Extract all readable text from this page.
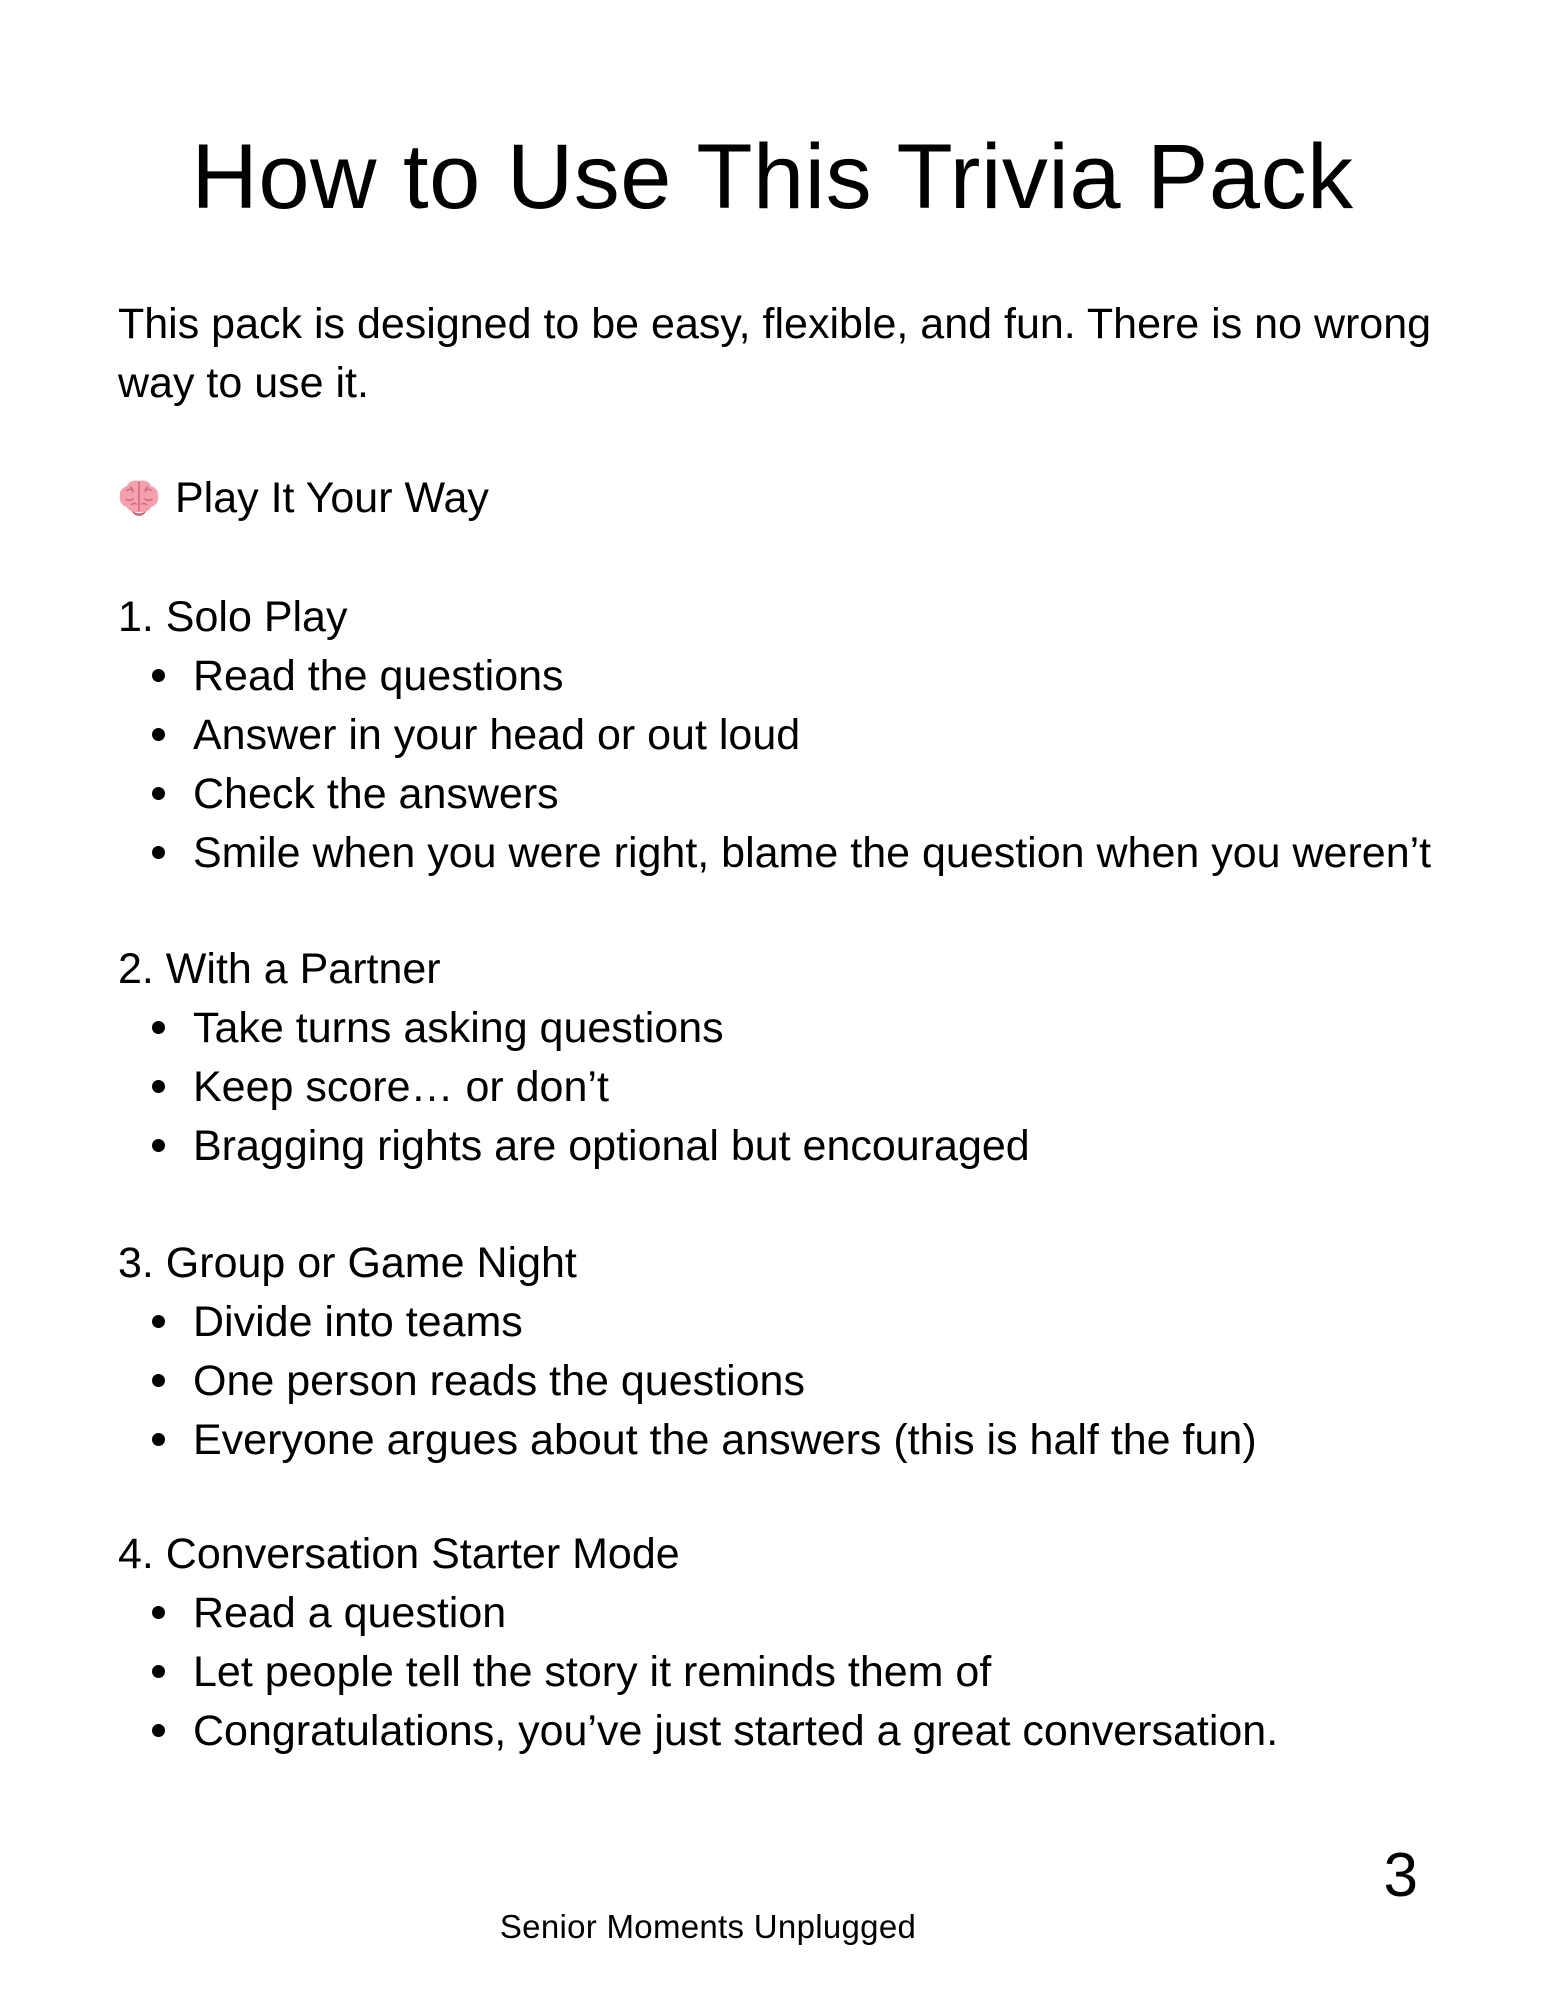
How to Use This Trivia Pack

This pack is designed to be easy, flexible, and fun. There is no wrong
way to use it.

Play It Your Way
1. Solo Play
Read the questions
Answer in your head or out loud
Check the answers
Smile when you were right, blame the question when you weren’t
2. With a Partner
Take turns asking questions
Keep score… or don’t
Bragging rights are optional but encouraged
3. Group or Game Night
Divide into teams
One person reads the questions
Everyone argues about the answers (this is half the fun)
4. Conversation Starter Mode
Read a question
Let people tell the story it reminds them of
Congratulations, you’ve just started a great conversation.
3
Senior Moments Unplugged
